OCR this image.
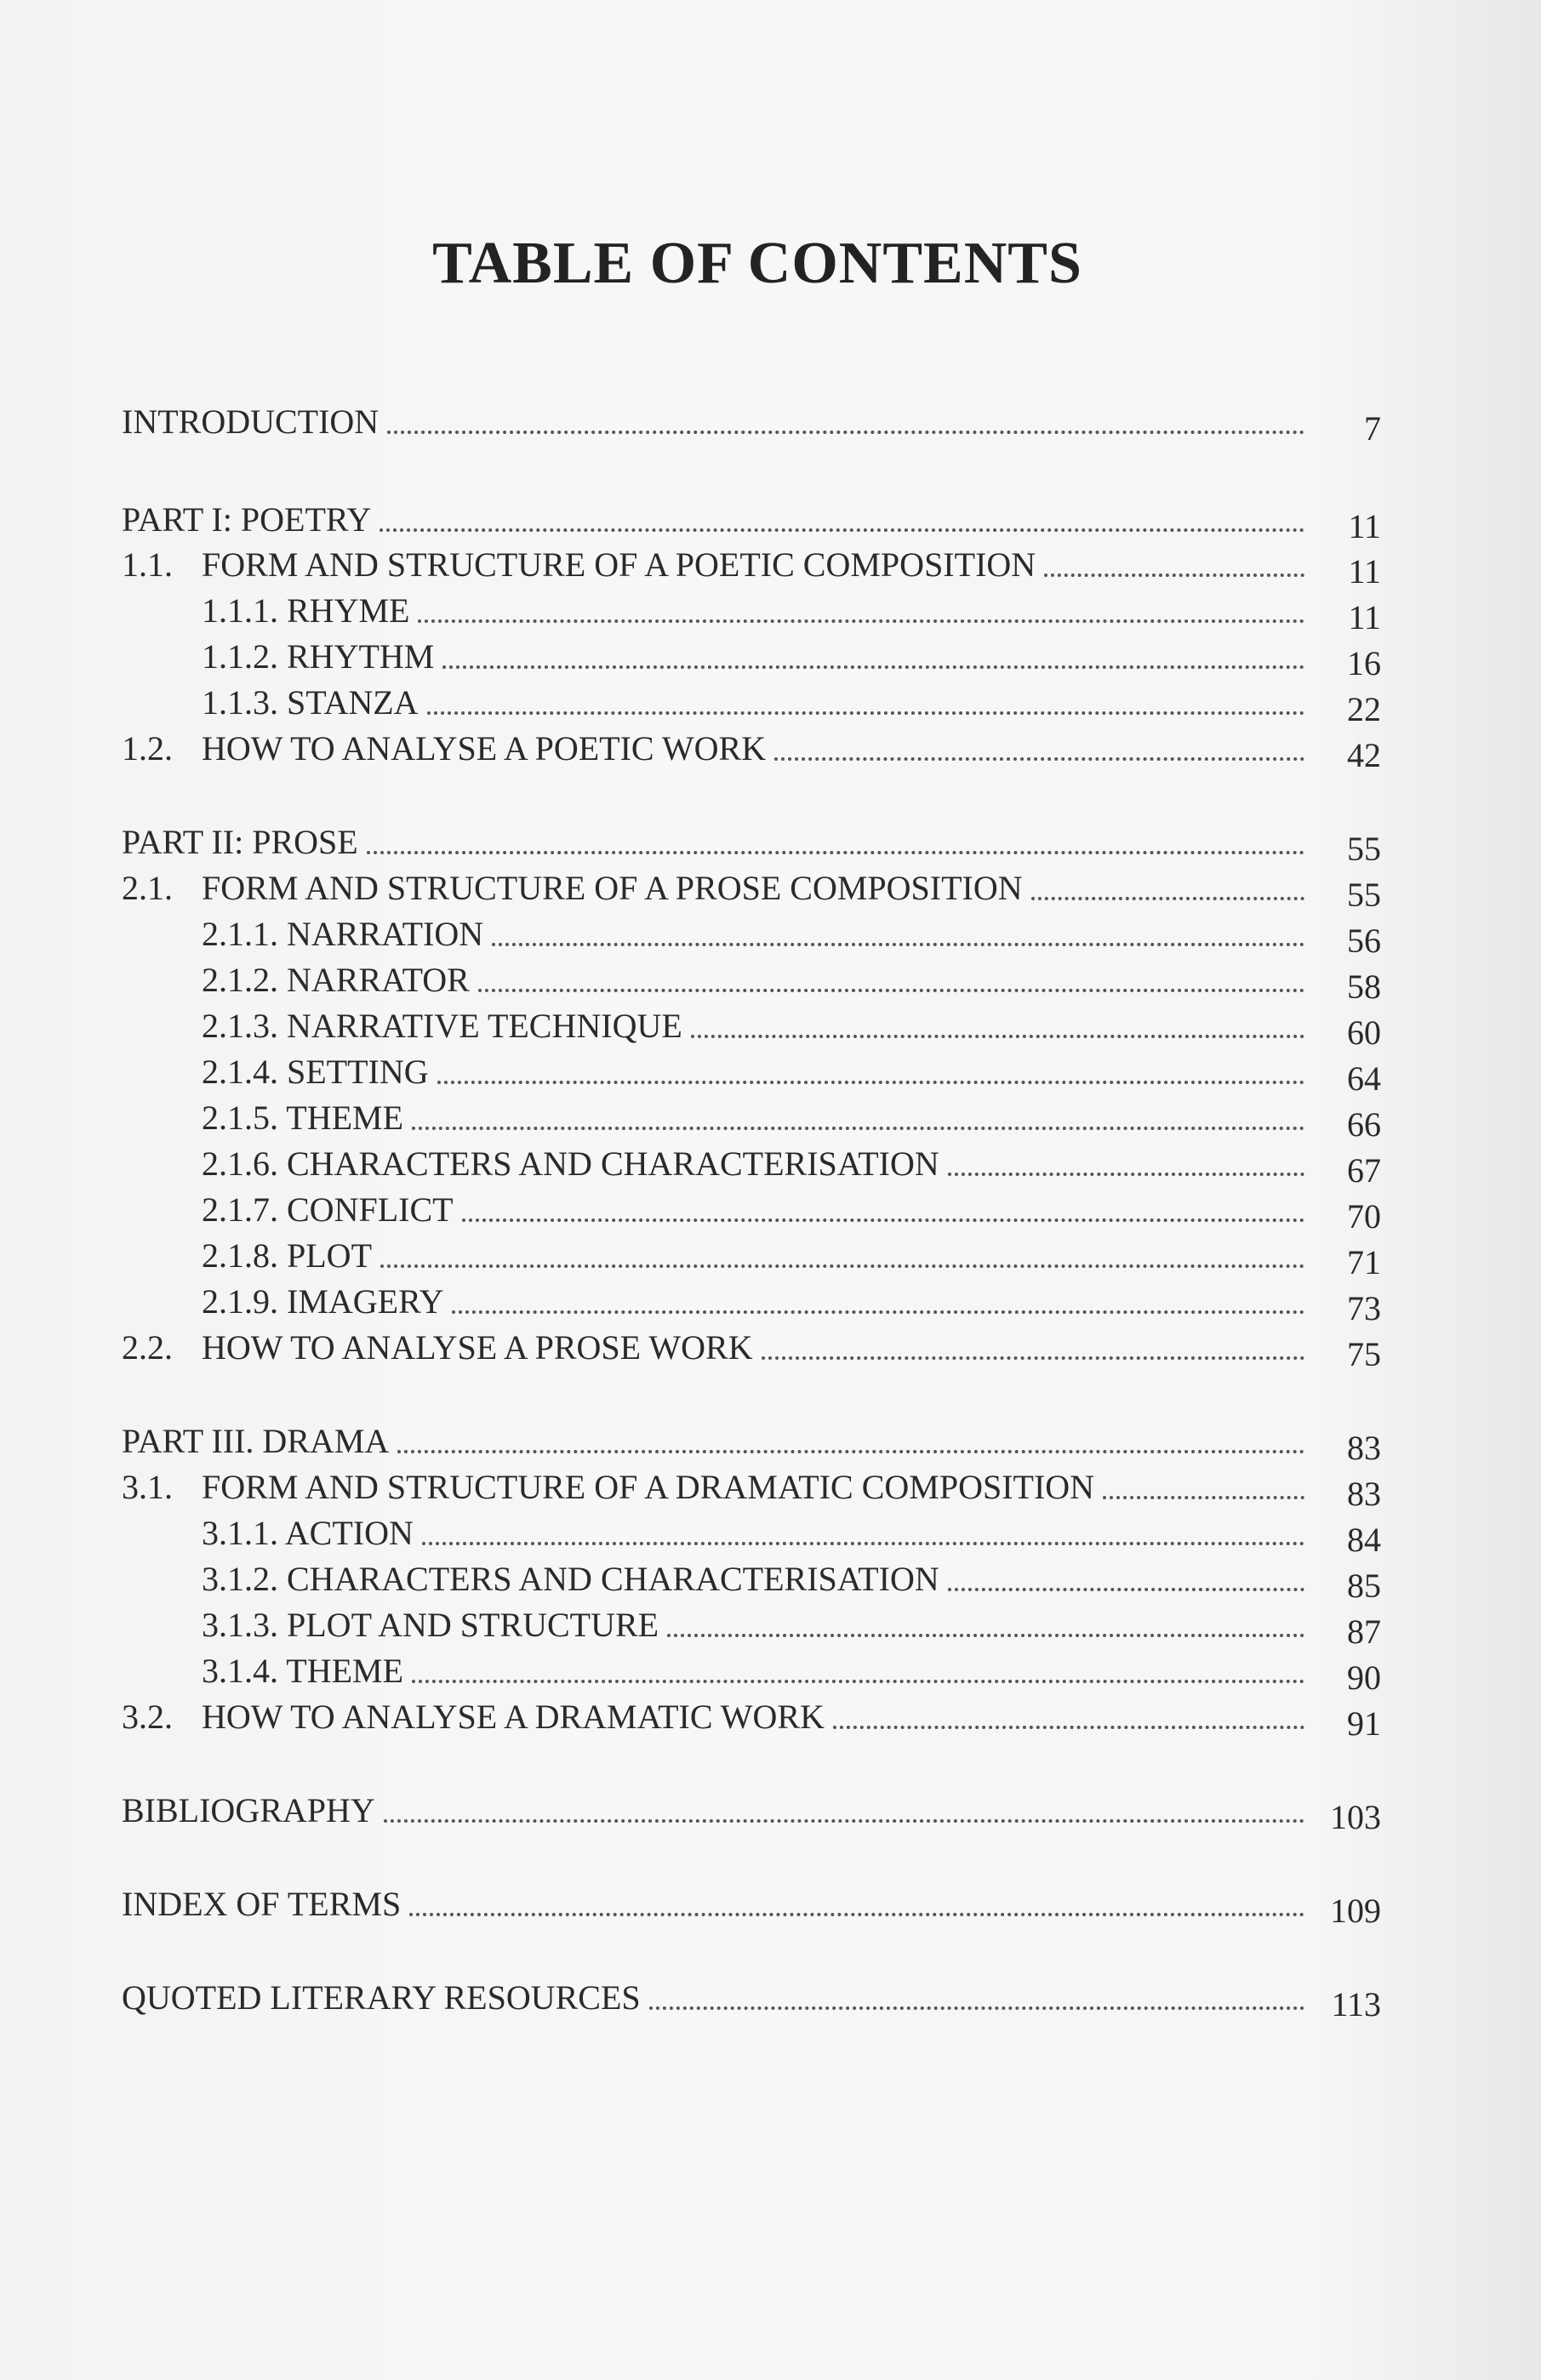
TABLE OF CONTENTS
INTRODUCTION	7
PART I: POETRY	11
1.1. FORM AND STRUCTURE OF A POETIC COMPOSITION	11
1.1.1. RHYME	11
1.1.2. RHYTHM	16
1.1.3. STANZA	22
1.2. HOW TO ANALYSE A POETIC WORK	42
PART II: PROSE	55
2.1. FORM AND STRUCTURE OF A PROSE COMPOSITION	55
2.1.1. NARRATION	56
2.1.2. NARRATOR	58
2.1.3. NARRATIVE TECHNIQUE	60
2.1.4. SETTING	64
2.1.5. THEME	66
2.1.6. CHARACTERS AND CHARACTERISATION	67
2.1.7. CONFLICT	70
2.1.8. PLOT	71
2.1.9. IMAGERY	73
2.2. HOW TO ANALYSE A PROSE WORK	75
PART III. DRAMA	83
3.1. FORM AND STRUCTURE OF A DRAMATIC COMPOSITION	83
3.1.1. ACTION	84
3.1.2. CHARACTERS AND CHARACTERISATION	85
3.1.3. PLOT AND STRUCTURE	87
3.1.4. THEME	90
3.2. HOW TO ANALYSE A DRAMATIC WORK	91
BIBLIOGRAPHY	103
INDEX OF TERMS	109
QUOTED LITERARY RESOURCES	113
